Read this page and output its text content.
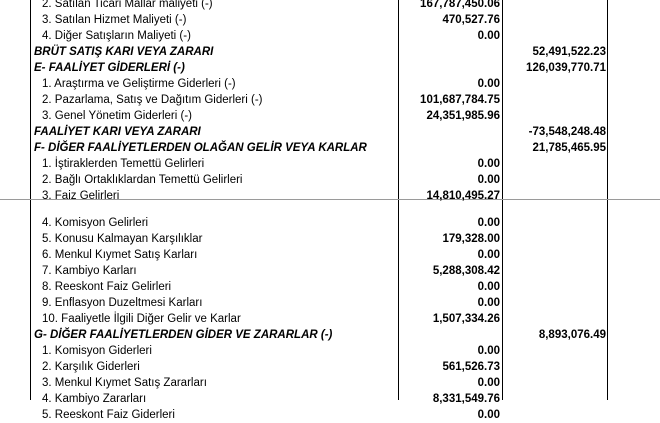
2. Satılan Ticari Mallar maliyeti (-)	167,787,450.06
3. Satılan Hizmet Maliyeti (-)	470,527.76
4. Diğer Satışların Maliyeti (-)	0.00
BRÜT SATIŞ KARI VEYA ZARARI	52,491,522.23
E- FAALİYET GİDERLERİ (-)	126,039,770.71
1. Araştırma ve Geliştirme Giderleri (-)	0.00
2. Pazarlama, Satış ve Dağıtım Giderleri (-)	101,687,784.75
3. Genel Yönetim Giderleri (-)	24,351,985.96
FAALİYET KARI VEYA ZARARI	-73,548,248.48
F- DİĞER FAALİYETLERDEN OLAĞAN GELİR VEYA KARLAR	21,785,465.95
1. İştiraklerden Temettü Gelirleri	0.00
2. Bağlı Ortaklıklardan Temettü Gelirleri	0.00
3. Faiz Gelirleri	14,810,495.27
4. Komisyon Gelirleri	0.00
5. Konusu Kalmayan Karşılıklar	179,328.00
6. Menkul Kıymet Satış Karları	0.00
7. Kambiyo Karları	5,288,308.42
8. Reeskont Faiz Gelirleri	0.00
9. Enflasyon Duzeltmesi Karları	0.00
10. Faaliyetle İlgili Diğer Gelir ve Karlar	1,507,334.26
G- DİĞER FAALİYETLERDEN GİDER VE ZARARLAR (-)	8,893,076.49
1. Komisyon Giderleri	0.00
2. Karşılık Giderleri	561,526.73
3. Menkul Kıymet Satış Zararları	0.00
4. Kambiyo Zararları	8,331,549.76
5. Reeskont Faiz Giderleri	0.00
